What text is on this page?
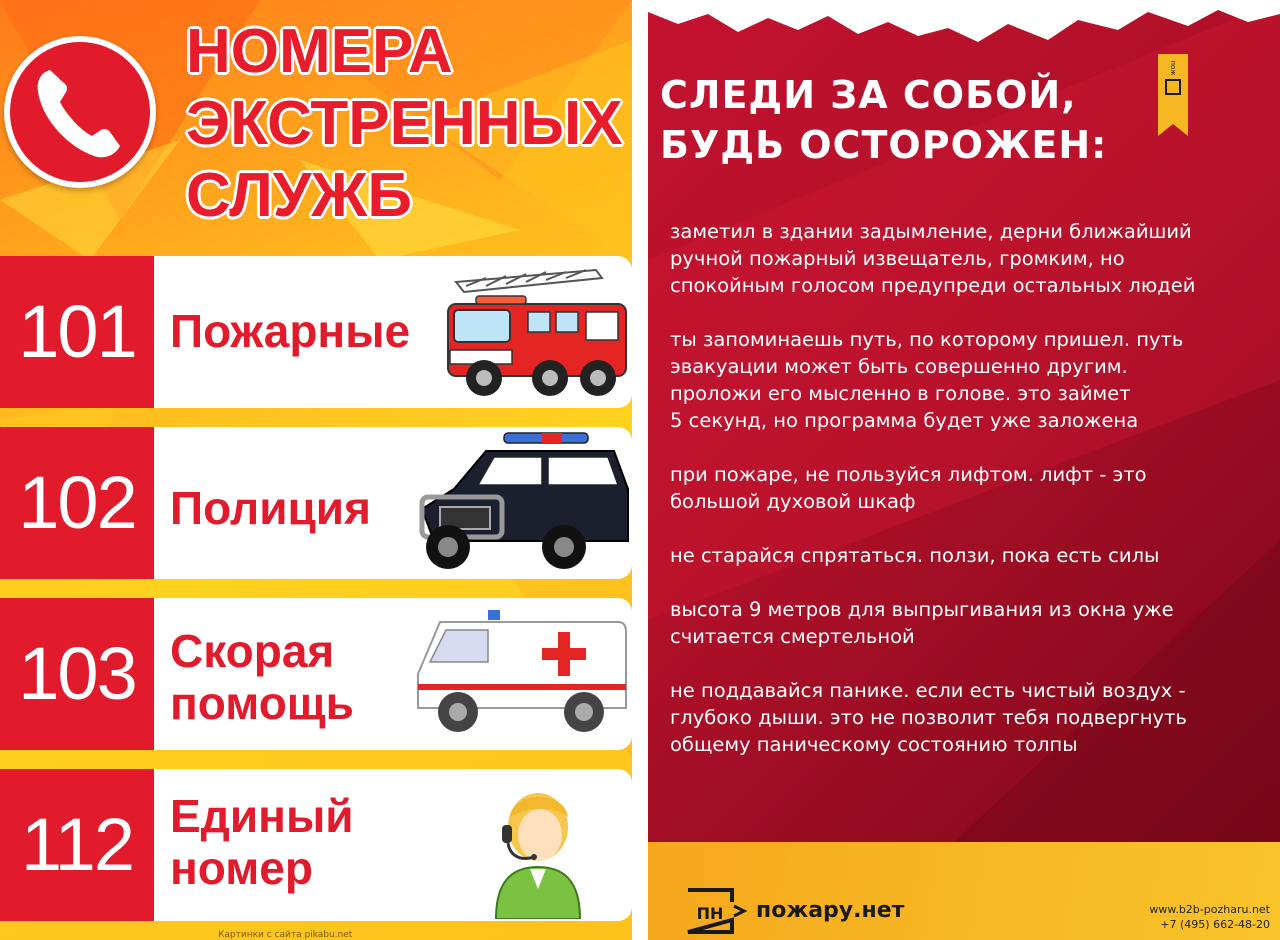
НОМЕРА
ЭКСТРЕННЫХ
СЛУЖБ
101 Пожарные
102 Полиция
103 Скорая
помощь
112 Единый
номер
Картинки с сайта pikabu.net
СЛЕДИ ЗА СОБОЙ,
БУДЬ ОСТОРОЖЕН:
пож
заметил в здании задымление, дерни ближайший
ручной пожарный извещатель, громким, но
спокойным голосом предупреди остальных людей
ты запоминаешь путь, по которому пришел. путь
эвакуации может быть совершенно другим.
проложи его мысленно в голове. это займет
5 секунд, но программа будет уже заложена
при пожаре, не пользуйся лифтом. лифт - это
большой духовой шкаф
не старайся спрятаться. ползи, пока есть силы
высота 9 метров для выпрыгивания из окна уже
считается смертельной
не поддавайся панике. если есть чистый воздух -
глубоко дыши. это не позволит тебя подвергнуть
общему паническому состоянию толпы
ПН пожару.нет	www.b2b-pozharu.net
+7 (495) 662-48-20
